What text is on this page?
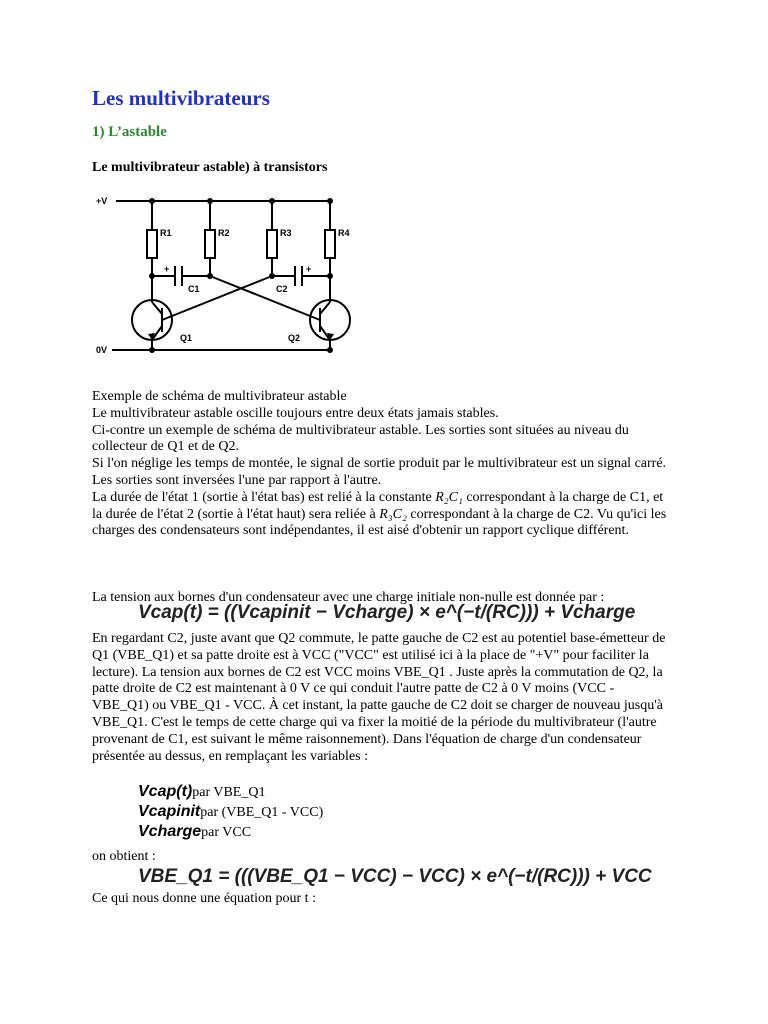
Les multivibrateurs
1) L’astable
Le multivibrateur astable) à transistors
+V
0V
R1	R2	R3	R4
C1	C2
Q1	Q2
+	+

Exemple de schéma de multivibrateur astable

Le multivibrateur astable oscille toujours entre deux états jamais stables.

Ci-contre un exemple de schéma de multivibrateur astable. Les sorties sont situées au niveau du collecteur de Q1 et de Q2.

Si l'on néglige les temps de montée, le signal de sortie produit par le multivibrateur est un signal carré.

Les sorties sont inversées l'une par rapport à l'autre.

La durée de l'état 1 (sortie à l'état bas) est relié à la constante R₂C₁ correspondant à la charge de C1, et la durée de l'état 2 (sortie à l'état haut) sera reliée à R₃C₂ correspondant à la charge de C2. Vu qu'ici les charges des condensateurs sont indépendantes, il est aisé d'obtenir un rapport cyclique différent.

La tension aux bornes d'un condensateur avec une charge initiale non-nulle est donnée par :

Vcap(t) = ((Vcapinit − Vcharge) × e^(−t/(RC))) + Vcharge

En regardant C2, juste avant que Q2 commute, le patte gauche de C2 est au potentiel base-émetteur de Q1 (VBE_Q1) et sa patte droite est à VCC ("VCC" est utilisé ici à la place de "+V" pour faciliter la lecture). La tension aux bornes de C2 est VCC moins VBE_Q1 . Juste après la commutation de Q2, la patte droite de C2 est maintenant à 0 V ce qui conduit l'autre patte de C2 à 0 V moins (VCC - VBE_Q1) ou VBE_Q1 - VCC. À cet instant, la patte gauche de C2 doit se charger de nouveau jusqu'à VBE_Q1. C'est le temps de cette charge qui va fixer la moitié de la période du multivibrateur (l'autre provenant de C1, est suivant le même raisonnement). Dans l'équation de charge d'un condensateur présentée au dessus, en remplaçant les variables :

Vcap(t)par VBE_Q1
Vcapinitpar (VBE_Q1 - VCC)
Vchargepar VCC
on obtient :
VBE_Q1 = (((VBE_Q1 − VCC) − VCC) × e^(−t/(RC))) + VCC
Ce qui nous donne une équation pour t :
